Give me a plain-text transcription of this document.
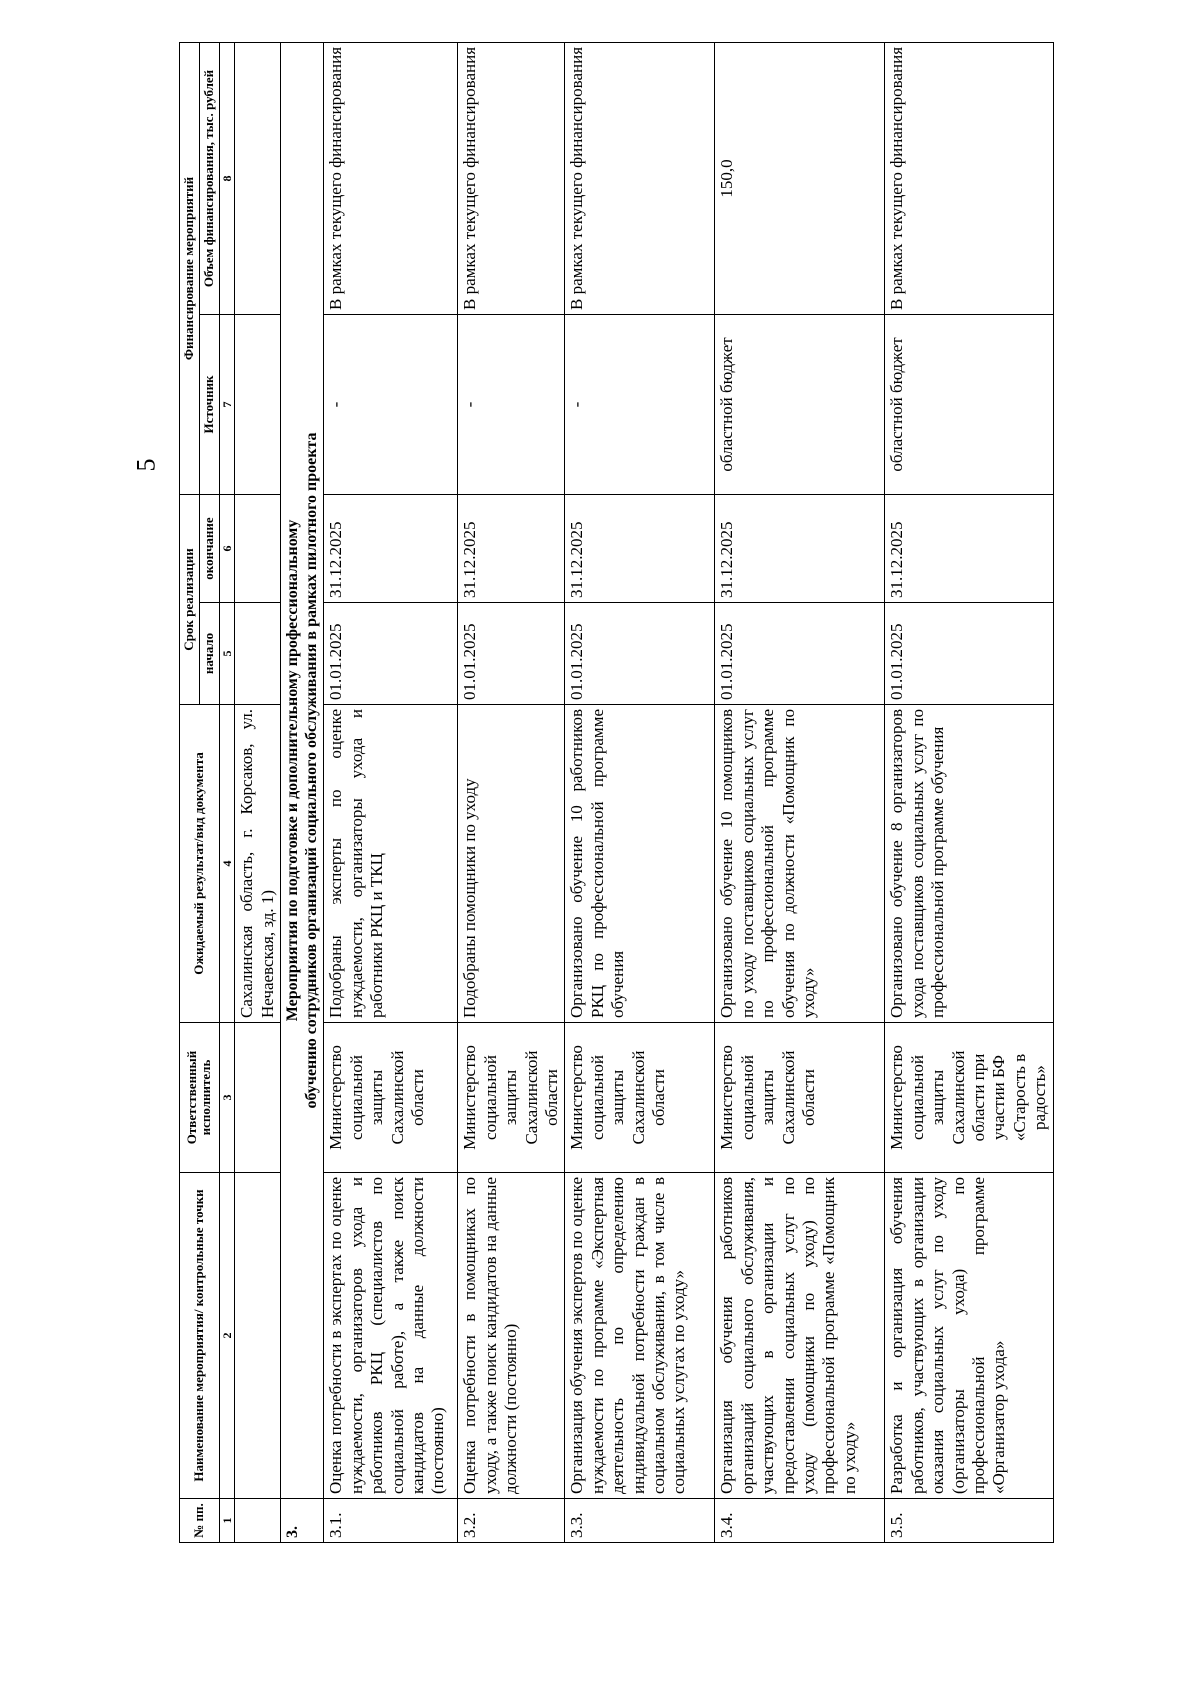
5
№ пп.	Наименование мероприятия/ контрольные точки	Ответственный исполнитель	Ожидаемый результат/вид документа	Срок реализации		Финансирование мероприятий	
				начало	окончание	Источник	Объем финансирования, тыс. рублей
1	2	3	4	5	6	7	8
			Сахалинская область, г. Корсаков, ул. Нечаевская, зд. 1)				
3.	Мероприятия по подготовке и дополнительному профессиональному обучению сотрудников организаций социального обслуживания в рамках пилотного проекта						

3.1.	Оценка потребности в экспертах по оценке нуждаемости, организаторов ухода и работников РКЦ (специалистов по социальной работе), а также поиск кандидатов на данные должности (постоянно)	Министерство социальной защиты Сахалинской области	Подобраны эксперты по оценке нуждаемости, организаторы ухода и работники РКЦ и ТКЦ	01.01.2025	31.12.2025	-	В рамках текущего финансирования
3.2.	Оценка потребности в помощниках по уходу, а также поиск кандидатов на данные должности (постоянно)	Министерство социальной защиты Сахалинской области	Подобраны помощники по уходу	01.01.2025	31.12.2025	-	В рамках текущего финансирования
3.3.	Организация обучения экспертов по оценке нуждаемости по программе «Экспертная деятельность по определению индивидуальной потребности граждан в социальном обслуживании, в том числе в социальных услугах по уходу»	Министерство социальной защиты Сахалинской области	Организовано обучение 10 работников РКЦ по профессиональной программе обучения	01.01.2025	31.12.2025	-	В рамках текущего финансирования
3.4.	Организация обучения работников организаций социального обслуживания, участвующих в организации и предоставлении социальных услуг по уходу (помощники по уходу) по профессиональной программе «Помощник по уходу»	Министерство социальной защиты Сахалинской области	Организовано обучение 10 помощников по уходу поставщиков социальных услуг по профессиональной программе обучения по должности «Помощник по уходу»	01.01.2025	31.12.2025	областной бюджет	150,0
3.5.	Разработка и организация обучения работников, участвующих в организации оказания социальных услуг по уходу (организаторы ухода) по профессиональной программе «Организатор ухода»	Министерство социальной защиты Сахалинской области при участии БФ «Старость в радость»	Организовано обучение 8 организаторов ухода поставщиков социальных услуг по профессиональной программе обучения	01.01.2025	31.12.2025	областной бюджет	В рамках текущего финансирования
